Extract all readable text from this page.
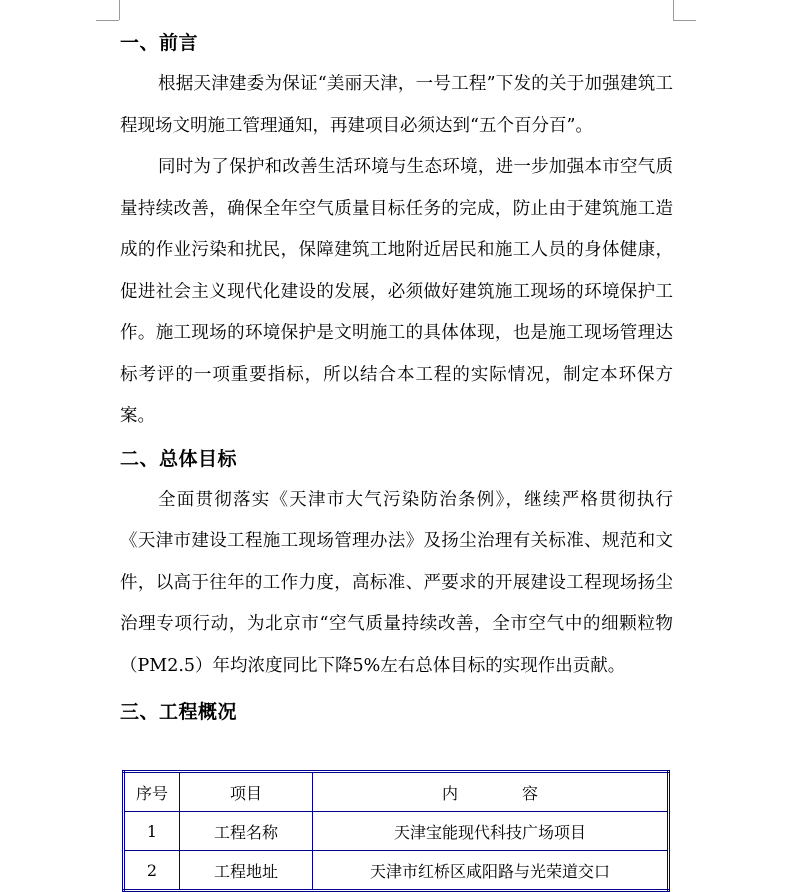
一、前言

根据天津建委为保证“美丽天津，一号工程”下发的关于加强建筑工程现场文明施工管理通知，再建项目必须达到“五个百分百”。

同时为了保护和改善生活环境与生态环境，进一步加强本市空气质量持续改善，确保全年空气质量目标任务的完成，防止由于建筑施工造成的作业污染和扰民，保障建筑工地附近居民和施工人员的身体健康，促进社会主义现代化建设的发展，必须做好建筑施工现场的环境保护工作。施工现场的环境保护是文明施工的具体体现，也是施工现场管理达标考评的一项重要指标，所以结合本工程的实际情况，制定本环保方案。

二、总体目标

全面贯彻落实《天津市大气污染防治条例》，继续严格贯彻执行《天津市建设工程施工现场管理办法》及扬尘治理有关标准、规范和文件，以高于往年的工作力度，高标准、严要求的开展建设工程现场扬尘治理专项行动，为北京市“空气质量持续改善，全市空气中的细颗粒物（PM2.5）年均浓度同比下降5%左右总体目标的实现作出贡献。

三、工程概况
序号	项目	内　　　　容
1	工程名称	天津宝能现代科技广场项目
2	工程地址	天津市红桥区咸阳路与光荣道交口
